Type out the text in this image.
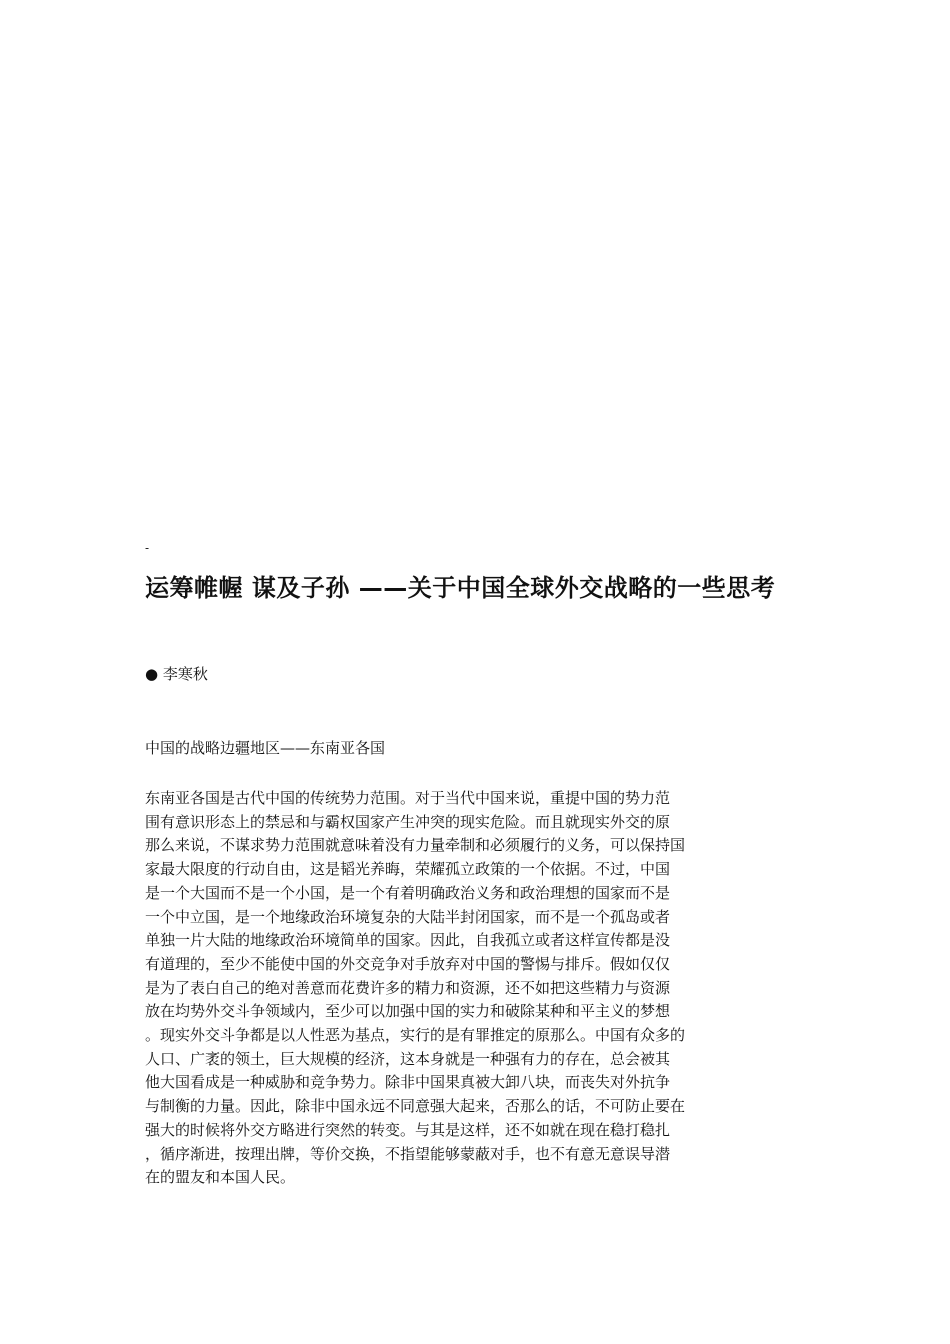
-
运筹帷幄 谋及子孙 ——关于中国全球外交战略的一些思考
● 李寒秋
中国的战略边疆地区——东南亚各国
东南亚各国是古代中国的传统势力范围。对于当代中国来说，重提中国的势力范
围有意识形态上的禁忌和与霸权国家产生冲突的现实危险。而且就现实外交的原
那么来说，不谋求势力范围就意味着没有力量牵制和必须履行的义务，可以保持国
家最大限度的行动自由，这是韬光养晦，荣耀孤立政策的一个依据。不过，中国
是一个大国而不是一个小国，是一个有着明确政治义务和政治理想的国家而不是
一个中立国，是一个地缘政治环境复杂的大陆半封闭国家，而不是一个孤岛或者
单独一片大陆的地缘政治环境简单的国家。因此，自我孤立或者这样宣传都是没
有道理的，至少不能使中国的外交竞争对手放弃对中国的警惕与排斥。假如仅仅
是为了表白自己的绝对善意而花费许多的精力和资源，还不如把这些精力与资源
放在均势外交斗争领域内，至少可以加强中国的实力和破除某种和平主义的梦想
。现实外交斗争都是以人性恶为基点，实行的是有罪推定的原那么。中国有众多的
人口、广袤的领土，巨大规模的经济，这本身就是一种强有力的存在，总会被其
他大国看成是一种威胁和竞争势力。除非中国果真被大卸八块，而丧失对外抗争
与制衡的力量。因此，除非中国永远不同意强大起来，否那么的话，不可防止要在
强大的时候将外交方略进行突然的转变。与其是这样，还不如就在现在稳打稳扎
，循序渐进，按理出牌，等价交换，不指望能够蒙蔽对手，也不有意无意误导潜
在的盟友和本国人民。
